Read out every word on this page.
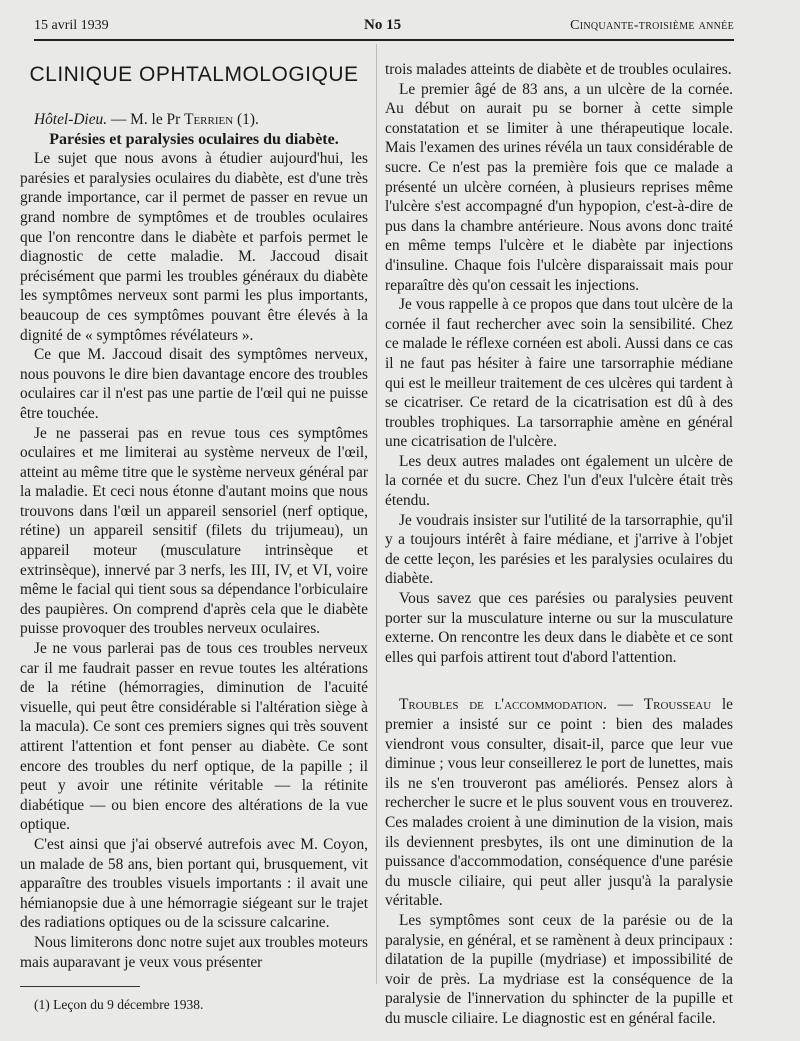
15 avril 1939	No 15	Cinquante-troisième année
CLINIQUE OPHTALMOLOGIQUE

Hôtel-Dieu. — M. le Pr Terrien (1).

Parésies et paralysies oculaires du diabète.

Le sujet que nous avons à étudier aujourd'hui, les parésies et paralysies oculaires du diabète, est d'une très grande importance, car il permet de passer en revue un grand nombre de symptômes et de troubles oculaires que l'on rencontre dans le diabète et parfois permet le diagnostic de cette maladie. M. Jaccoud disait précisément que parmi les troubles généraux du diabète les symptômes nerveux sont parmi les plus importants, beaucoup de ces symptômes pouvant être élevés à la dignité de « symptômes révélateurs ».

Ce que M. Jaccoud disait des symptômes nerveux, nous pouvons le dire bien davantage encore des troubles oculaires car il n'est pas une partie de l'œil qui ne puisse être touchée.

Je ne passerai pas en revue tous ces symptômes oculaires et me limiterai au système nerveux de l'œil, atteint au même titre que le système nerveux général par la maladie. Et ceci nous étonne d'autant moins que nous trouvons dans l'œil un appareil sensoriel (nerf optique, rétine) un appareil sensitif (filets du trijumeau), un appareil moteur (musculature intrinsèque et extrinsèque), innervé par 3 nerfs, les III, IV, et VI, voire même le facial qui tient sous sa dépendance l'orbiculaire des paupières. On comprend d'après cela que le diabète puisse provoquer des troubles nerveux oculaires.

Je ne vous parlerai pas de tous ces troubles nerveux car il me faudrait passer en revue toutes les altérations de la rétine (hémorragies, diminution de l'acuité visuelle, qui peut être considérable si l'altération siège à la macula). Ce sont ces premiers signes qui très souvent attirent l'attention et font penser au diabète. Ce sont encore des troubles du nerf optique, de la papille ; il peut y avoir une rétinite véritable — la rétinite diabétique — ou bien encore des altérations de la vue optique.

C'est ainsi que j'ai observé autrefois avec M. Coyon, un malade de 58 ans, bien portant qui, brusquement, vit apparaître des troubles visuels importants : il avait une hémianopsie due à une hémorragie siégeant sur le trajet des radiations optiques ou de la scissure calcarine.

Nous limiterons donc notre sujet aux troubles moteurs mais auparavant je veux vous présenter

(1) Leçon du 9 décembre 1938.

trois malades atteints de diabète et de troubles oculaires.

Le premier âgé de 83 ans, a un ulcère de la cornée. Au début on aurait pu se borner à cette simple constatation et se limiter à une thérapeutique locale. Mais l'examen des urines révéla un taux considérable de sucre. Ce n'est pas la première fois que ce malade a présenté un ulcère cornéen, à plusieurs reprises même l'ulcère s'est accompagné d'un hypopion, c'est-à-dire de pus dans la chambre antérieure. Nous avons donc traité en même temps l'ulcère et le diabète par injections d'insuline. Chaque fois l'ulcère disparaissait mais pour reparaître dès qu'on cessait les injections.

Je vous rappelle à ce propos que dans tout ulcère de la cornée il faut rechercher avec soin la sensibilité. Chez ce malade le réflexe cornéen est aboli. Aussi dans ce cas il ne faut pas hésiter à faire une tarsorraphie médiane qui est le meilleur traitement de ces ulcères qui tardent à se cicatriser. Ce retard de la cicatrisation est dû à des troubles trophiques. La tarsorraphie amène en général une cicatrisation de l'ulcère.

Les deux autres malades ont également un ulcère de la cornée et du sucre. Chez l'un d'eux l'ulcère était très étendu.

Je voudrais insister sur l'utilité de la tarsorraphie, qu'il y a toujours intérêt à faire médiane, et j'arrive à l'objet de cette leçon, les parésies et les paralysies oculaires du diabète.

Vous savez que ces parésies ou paralysies peuvent porter sur la musculature interne ou sur la musculature externe. On rencontre les deux dans le diabète et ce sont elles qui parfois attirent tout d'abord l'attention.

Troubles de l'accommodation. — Trousseau le premier a insisté sur ce point : bien des malades viendront vous consulter, disait-il, parce que leur vue diminue ; vous leur conseillerez le port de lunettes, mais ils ne s'en trouveront pas améliorés. Pensez alors à rechercher le sucre et le plus souvent vous en trouverez. Ces malades croient à une diminution de la vision, mais ils deviennent presbytes, ils ont une diminution de la puissance d'accommodation, conséquence d'une parésie du muscle ciliaire, qui peut aller jusqu'à la paralysie véritable.

Les symptômes sont ceux de la parésie ou de la paralysie, en général, et se ramènent à deux principaux : dilatation de la pupille (mydriase) et impossibilité de voir de près. La mydriase est la conséquence de la paralysie de l'innervation du sphincter de la pupille et du muscle ciliaire. Le diagnostic est en général facile.
